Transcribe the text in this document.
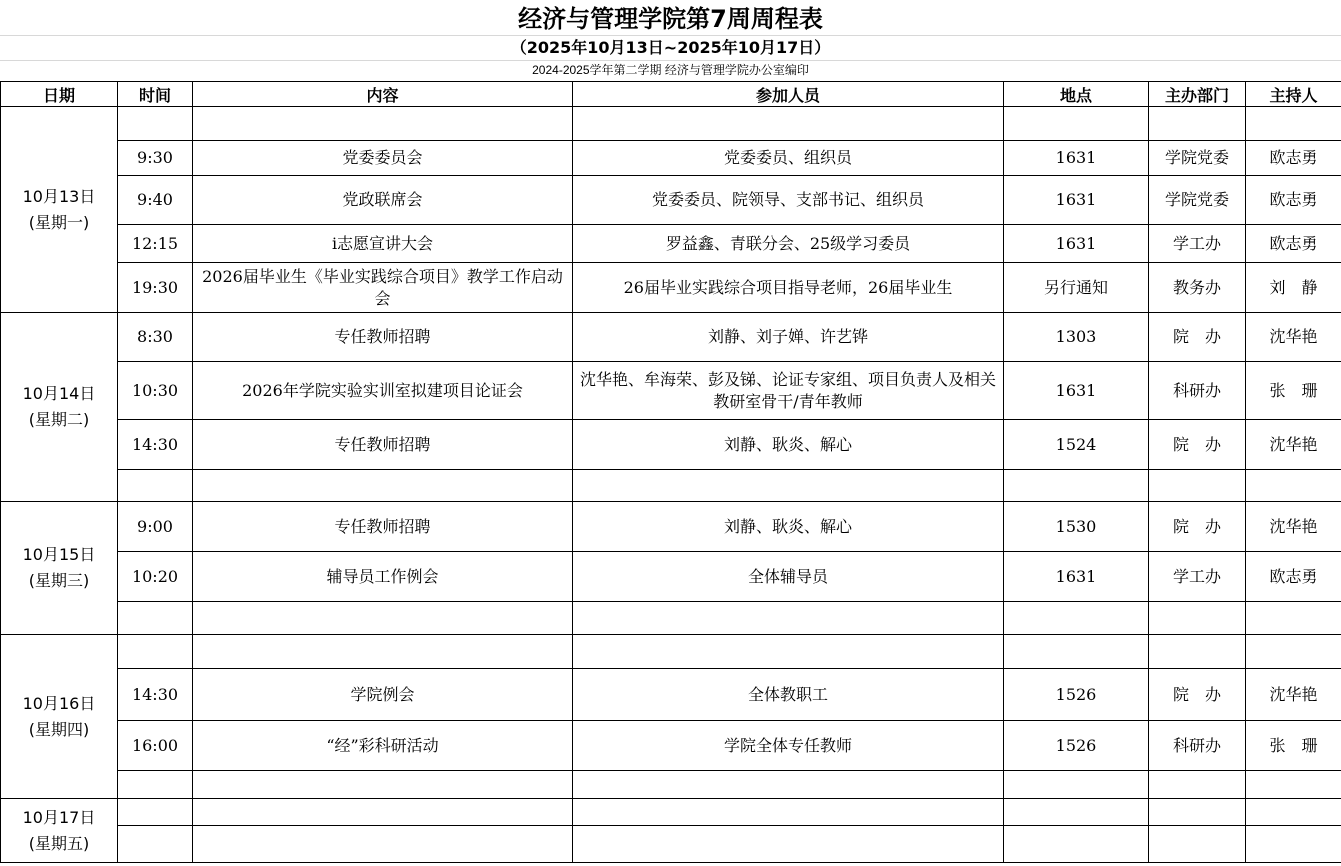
经济与管理学院第7周周程表
（2025年10月13日~2025年10月17日）
2024-2025学年第二学期 经济与管理学院办公室编印
日期	时间	内容	参加人员	地点	主办部门	主持人

10月13日
(星期一)						

	9:30	党委委员会	党委委员、组织员	1631	学院党委	欧志勇
	9:40	党政联席会	党委委员、院领导、支部书记、组织员	1631	学院党委	欧志勇
	12:15	i志愿宣讲大会	罗益鑫、青联分会、25级学习委员	1631	学工办	欧志勇
	19:30	2026届毕业生《毕业实践综合项目》教学工作启动会	26届毕业实践综合项目指导老师，26届毕业生	另行通知	教务办	刘　静

10月14日
(星期二)	8:30	专任教师招聘	刘静、刘子婵、许艺铧	1303	院　办	沈华艳
	10:30	2026年学院实验实训室拟建项目论证会	沈华艳、牟海荣、彭及锑、论证专家组、项目负责人及相关教研室骨干/青年教师	1631	科研办	张　珊
	14:30	专任教师招聘	刘静、耿炎、解心	1524	院　办	沈华艳

10月15日
(星期三)	9:00	专任教师招聘	刘静、耿炎、解心	1530	院　办	沈华艳
	10:20	辅导员工作例会	全体辅导员	1631	学工办	欧志勇

10月16日
(星期四)						

	14:30	学院例会	全体教职工	1526	院　办	沈华艳
	16:00	“经”彩科研活动	学院全体专任教师	1526	科研办	张　珊

10月17日
(星期五)						
